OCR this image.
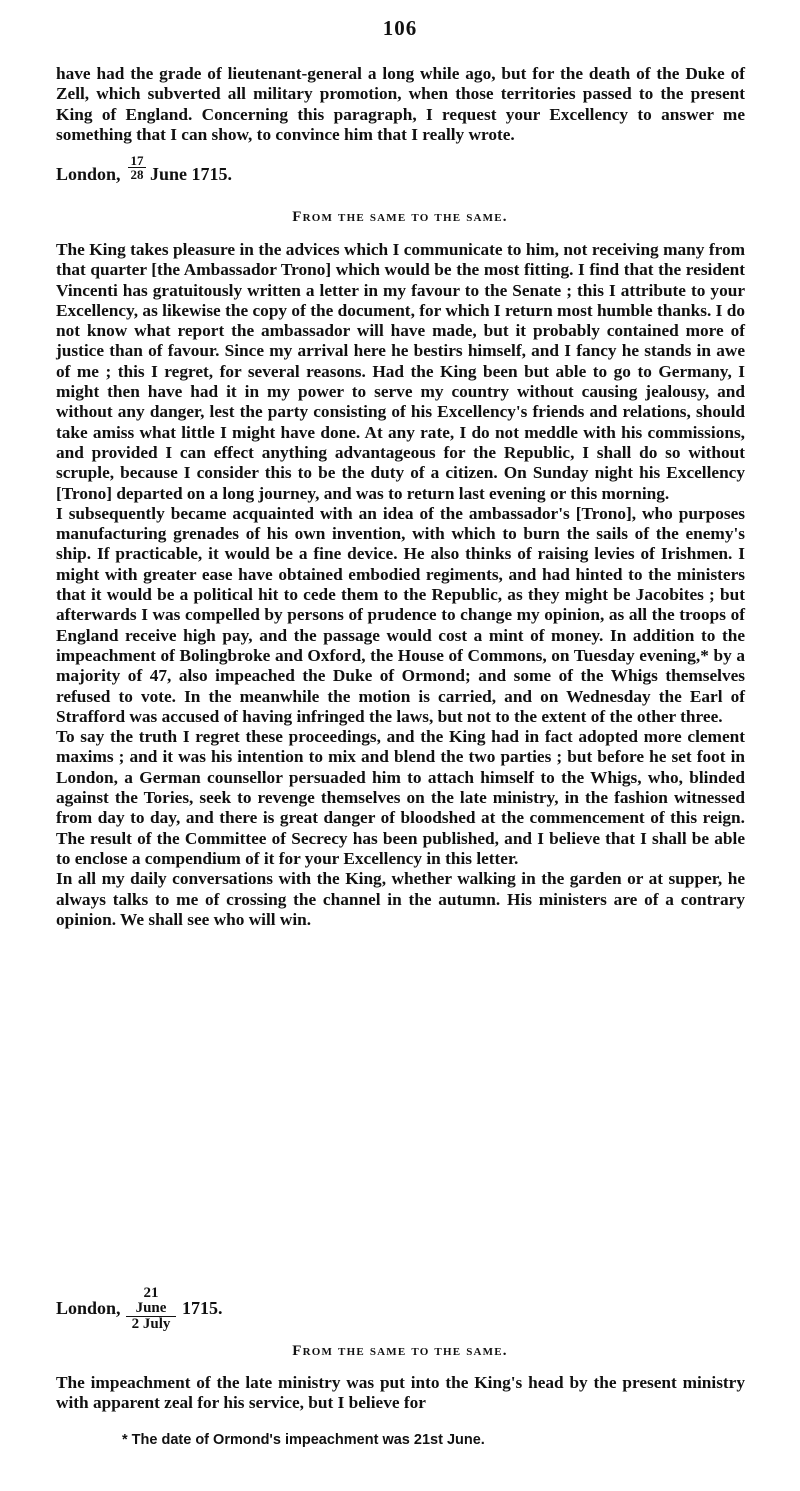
106

have had the grade of lieutenant-general a long while ago, but for the death of the Duke of Zell, which subverted all military promotion, when those territories passed to the present King of England. Concerning this paragraph, I request your Excellency to answer me something that I can show, to convince him that I really wrote.

London, $\frac{17}{28}$ June 1715.
From the same to the same.

The King takes pleasure in the advices which I communicate to him, not receiving many from that quarter [the Ambassador Trono] which would be the most fitting. I find that the resident Vincenti has gratuitously written a letter in my favour to the Senate ; this I attribute to your Excellency, as likewise the copy of the document, for which I return most humble thanks. I do not know what report the ambassador will have made, but it probably contained more of justice than of favour. Since my arrival here he bestirs himself, and I fancy he stands in awe of me ; this I regret, for several reasons. Had the King been but able to go to Germany, I might then have had it in my power to serve my country without causing jealousy, and without any danger, lest the party consisting of his Excellency's friends and relations, should take amiss what little I might have done. At any rate, I do not meddle with his commissions, and provided I can effect anything advantageous for the Republic, I shall do so without scruple, because I consider this to be the duty of a citizen. On Sunday night his Excellency [Trono] departed on a long journey, and was to return last evening or this morning.

I subsequently became acquainted with an idea of the ambassador's [Trono], who purposes manufacturing grenades of his own invention, with which to burn the sails of the enemy's ship. If practicable, it would be a fine device. He also thinks of raising levies of Irishmen. I might with greater ease have obtained embodied regiments, and had hinted to the ministers that it would be a political hit to cede them to the Republic, as they might be Jacobites ; but afterwards I was compelled by persons of prudence to change my opinion, as all the troops of England receive high pay, and the passage would cost a mint of money. In addition to the impeachment of Bolingbroke and Oxford, the House of Commons, on Tuesday evening,* by a majority of 47, also impeached the Duke of Ormond; and some of the Whigs themselves refused to vote. In the meanwhile the motion is carried, and on Wednesday the Earl of Strafford was accused of having infringed the laws, but not to the extent of the other three.

To say the truth I regret these proceedings, and the King had in fact adopted more clement maxims ; and it was his intention to mix and blend the two parties ; but before he set foot in London, a German counsellor persuaded him to attach himself to the Whigs, who, blinded against the Tories, seek to revenge themselves on the late ministry, in the fashion witnessed from day to day, and there is great danger of bloodshed at the commencement of this reign. The result of the Committee of Secrecy has been published, and I believe that I shall be able to enclose a compendium of it for your Excellency in this letter.

In all my daily conversations with the King, whether walking in the garden or at supper, he always talks to me of crossing the channel in the autumn. His ministers are of a contrary opinion. We shall see who will win.

London,
21 June
2 July
1715.
From the same to the same.

The impeachment of the late ministry was put into the King's head by the present ministry with apparent zeal for his service, but I believe for

* The date of Ormond's impeachment was 21st June.
